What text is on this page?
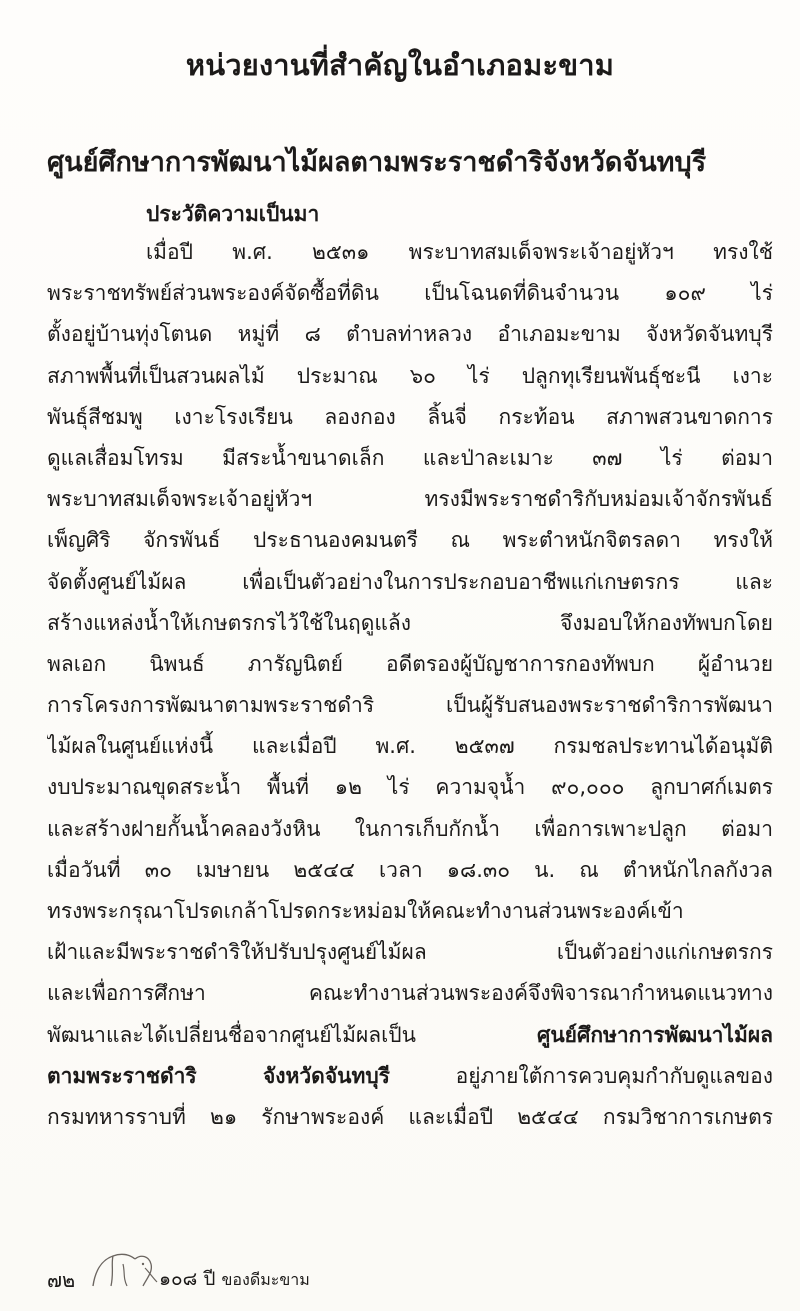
หน่วยงานที่สำคัญในอำเภอมะขาม
ศูนย์ศึกษาการพัฒนาไม้ผลตามพระราชดำริจังหวัดจันทบุรี
ประวัติความเป็นมา
เมื่อปี พ.ศ. ๒๕๓๑ พระบาทสมเด็จพระเจ้าอยู่หัวฯ ทรงใช้
พระราชทรัพย์ส่วนพระองค์จัดซื้อที่ดิน เป็นโฉนดที่ดินจำนวน ๑๐๙ ไร่
ตั้งอยู่บ้านทุ่งโตนด หมู่ที่ ๘ ตำบลท่าหลวง อำเภอมะขาม จังหวัดจันทบุรี
สภาพพื้นที่เป็นสวนผลไม้ ประมาณ ๖๐ ไร่ ปลูกทุเรียนพันธุ์ชะนี เงาะ
พันธุ์สีชมพู เงาะโรงเรียน ลองกอง ลิ้นจี่ กระท้อน สภาพสวนขาดการ
ดูแลเสื่อมโทรม มีสระน้ำขนาดเล็ก และป่าละเมาะ ๓๗ ไร่ ต่อมา
พระบาทสมเด็จพระเจ้าอยู่หัวฯ ทรงมีพระราชดำริกับหม่อมเจ้าจักรพันธ์
เพ็ญศิริ จักรพันธ์ ประธานองคมนตรี ณ พระตำหนักจิตรลดา ทรงให้
จัดตั้งศูนย์ไม้ผล เพื่อเป็นตัวอย่างในการประกอบอาชีพแก่เกษตรกร และ
สร้างแหล่งน้ำให้เกษตรกรไว้ใช้ในฤดูแล้ง จึงมอบให้กองทัพบกโดย
พลเอก นิพนธ์ ภารัญนิตย์ อดีตรองผู้บัญชาการกองทัพบก ผู้อำนวย
การโครงการพัฒนาตามพระราชดำริ เป็นผู้รับสนองพระราชดำริการพัฒนา
ไม้ผลในศูนย์แห่งนี้ และเมื่อปี พ.ศ. ๒๕๓๗ กรมชลประทานได้อนุมัติ
งบประมาณขุดสระน้ำ พื้นที่ ๑๒ ไร่ ความจุน้ำ ๙๐,๐๐๐ ลูกบาศก์เมตร
และสร้างฝายกั้นน้ำคลองวังหิน ในการเก็บกักน้ำ เพื่อการเพาะปลูก ต่อมา
เมื่อวันที่ ๓๐ เมษายน ๒๕๔๔ เวลา ๑๘.๓๐ น. ณ ตำหนักไกลกังวล
ทรงพระกรุณาโปรดเกล้าโปรดกระหม่อมให้คณะทำงานส่วนพระองค์เข้า
เฝ้าและมีพระราชดำริให้ปรับปรุงศูนย์ไม้ผล เป็นตัวอย่างแก่เกษตรกร
และเพื่อการศึกษา คณะทำงานส่วนพระองค์จึงพิจารณากำหนดแนวทาง
พัฒนาและได้เปลี่ยนชื่อจากศูนย์ไม้ผลเป็น ศูนย์ศึกษาการพัฒนาไม้ผล
ตามพระราชดำริ จังหวัดจันทบุรี อยู่ภายใต้การควบคุมกำกับดูแลของ
กรมทหารราบที่ ๒๑ รักษาพระองค์ และเมื่อปี ๒๕๔๔ กรมวิชาการเกษตร
๗๒	๑๐๘ ปี ของดีมะขาม
